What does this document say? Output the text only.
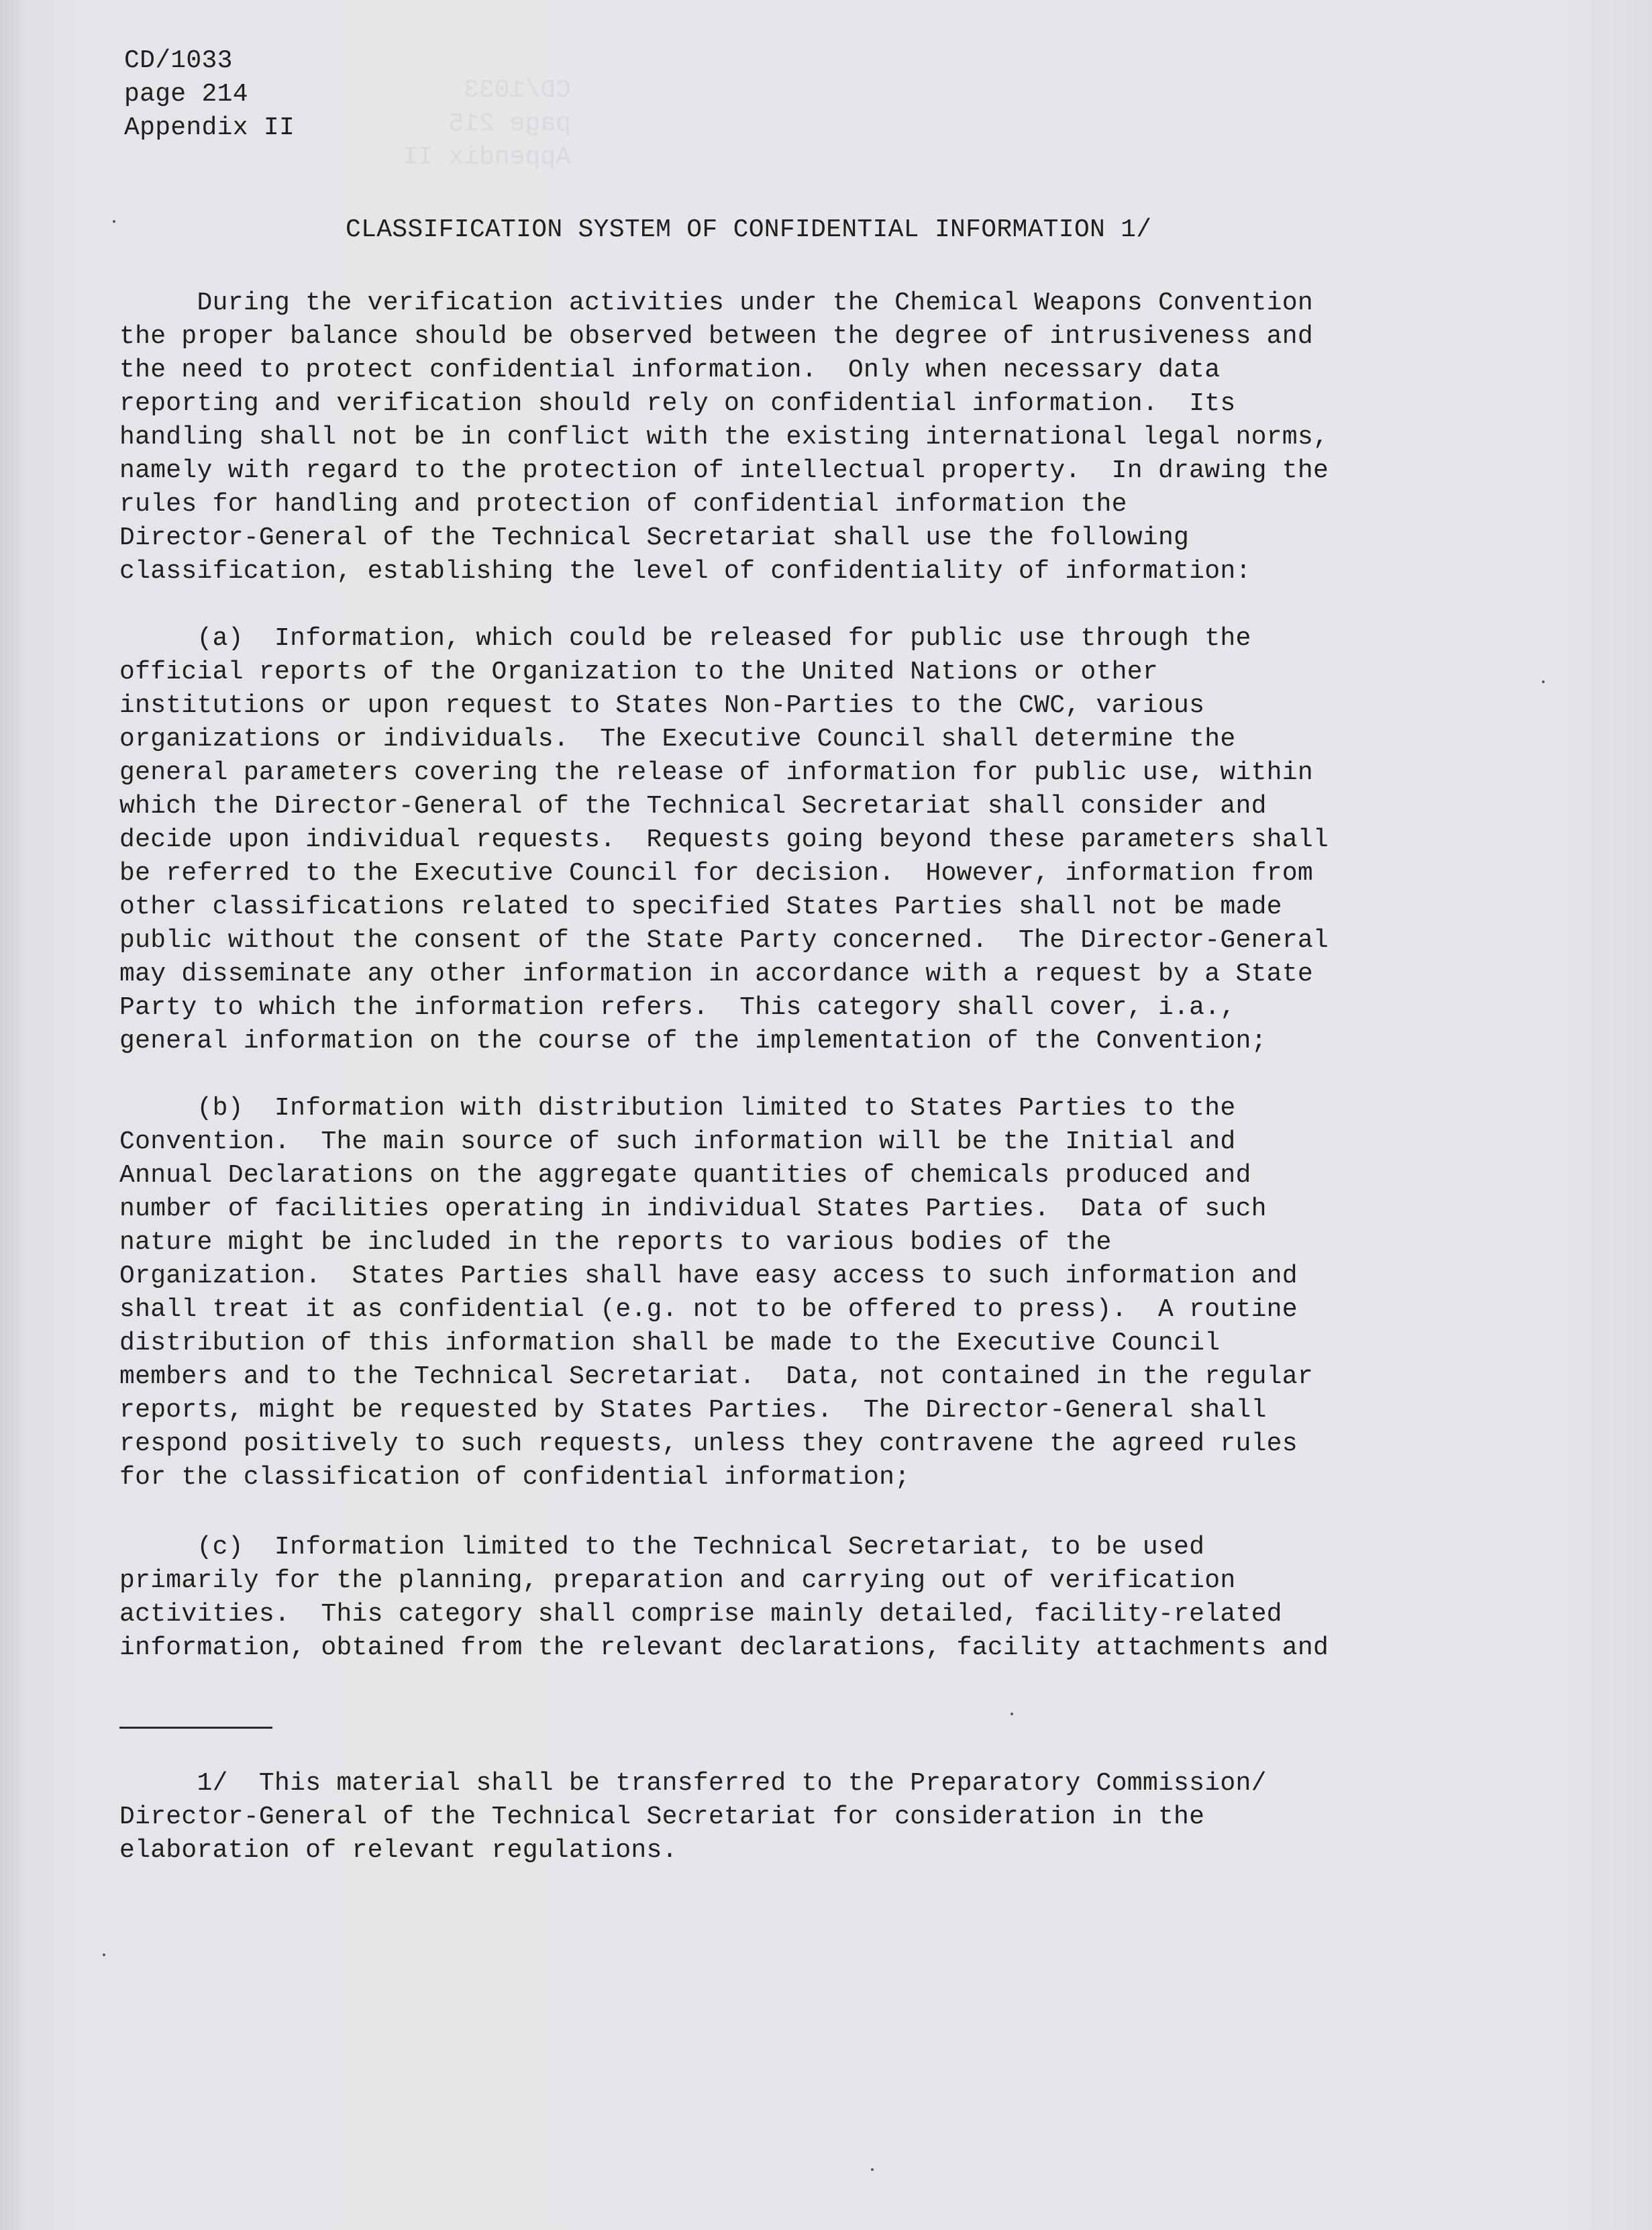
CD/1033
page 215
Appendix II
CD/1033
page 214
Appendix II
CLASSIFICATION SYSTEM OF CONFIDENTIAL INFORMATION 1/
During the verification activities under the Chemical Weapons Convention
the proper balance should be observed between the degree of intrusiveness and
the need to protect confidential information.  Only when necessary data
reporting and verification should rely on confidential information.  Its
handling shall not be in conflict with the existing international legal norms,
namely with regard to the protection of intellectual property.  In drawing the
rules for handling and protection of confidential information the
Director-General of the Technical Secretariat shall use the following
classification, establishing the level of confidentiality of information:
(a)  Information, which could be released for public use through the
official reports of the Organization to the United Nations or other
institutions or upon request to States Non-Parties to the CWC, various
organizations or individuals.  The Executive Council shall determine the
general parameters covering the release of information for public use, within
which the Director-General of the Technical Secretariat shall consider and
decide upon individual requests.  Requests going beyond these parameters shall
be referred to the Executive Council for decision.  However, information from
other classifications related to specified States Parties shall not be made
public without the consent of the State Party concerned.  The Director-General
may disseminate any other information in accordance with a request by a State
Party to which the information refers.  This category shall cover, i.a.,
general information on the course of the implementation of the Convention;
(b)  Information with distribution limited to States Parties to the
Convention.  The main source of such information will be the Initial and
Annual Declarations on the aggregate quantities of chemicals produced and
number of facilities operating in individual States Parties.  Data of such
nature might be included in the reports to various bodies of the
Organization.  States Parties shall have easy access to such information and
shall treat it as confidential (e.g. not to be offered to press).  A routine
distribution of this information shall be made to the Executive Council
members and to the Technical Secretariat.  Data, not contained in the regular
reports, might be requested by States Parties.  The Director-General shall
respond positively to such requests, unless they contravene the agreed rules
for the classification of confidential information;
(c)  Information limited to the Technical Secretariat, to be used
primarily for the planning, preparation and carrying out of verification
activities.  This category shall comprise mainly detailed, facility-related
information, obtained from the relevant declarations, facility attachments and
1/  This material shall be transferred to the Preparatory Commission/
Director-General of the Technical Secretariat for consideration in the
elaboration of relevant regulations.
